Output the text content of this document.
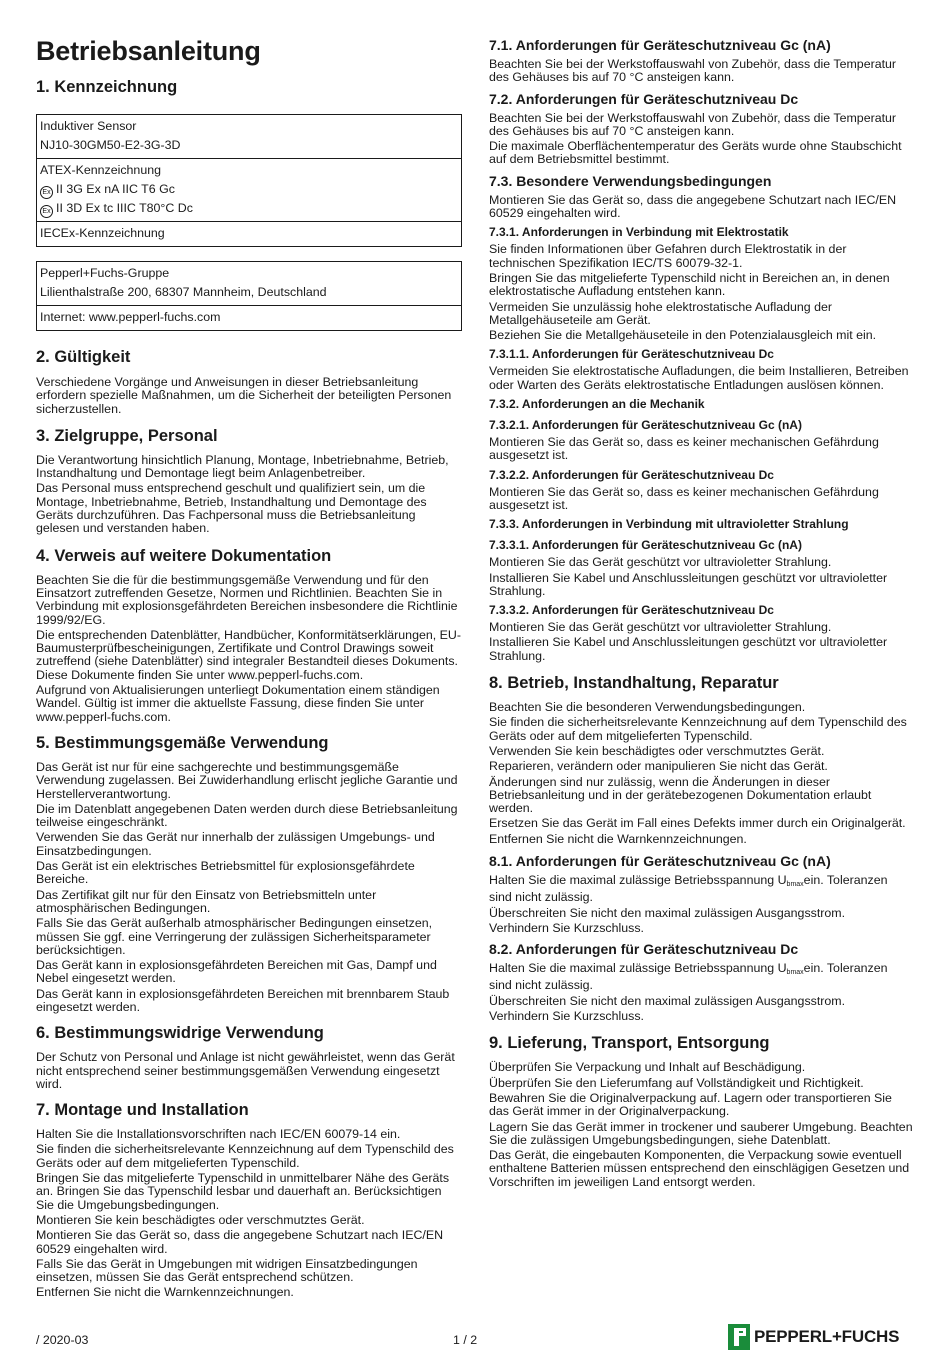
Betriebsanleitung
1. Kennzeichnung
Induktiver Sensor
NJ10-30GM50-E2-3G-3D
ATEX-Kennzeichnung
Ex II 3G Ex nA IIC T6 Gc
Ex II 3D Ex tc IIIC T80°C Dc
IECEx-Kennzeichnung
Pepperl+Fuchs-Gruppe
Lilienthalstraße 200, 68307 Mannheim, Deutschland
Internet: www.pepperl-fuchs.com
2. Gültigkeit

Verschiedene Vorgänge und Anweisungen in dieser Betriebsanleitung erfordern spezielle Maßnahmen, um die Sicherheit der beteiligten Personen sicherzustellen.

3. Zielgruppe, Personal

Die Verantwortung hinsichtlich Planung, Montage, Inbetriebnahme, Betrieb, Instandhaltung und Demontage liegt beim Anlagenbetreiber.

Das Personal muss entsprechend geschult und qualifiziert sein, um die Montage, Inbetriebnahme, Betrieb, Instandhaltung und Demontage des Geräts durchzuführen. Das Fachpersonal muss die Betriebsanleitung gelesen und verstanden haben.

4. Verweis auf weitere Dokumentation

Beachten Sie die für die bestimmungsgemäße Verwendung und für den Einsatzort zutreffenden Gesetze, Normen und Richtlinien. Beachten Sie in Verbindung mit explosionsgefährdeten Bereichen insbesondere die Richtlinie 1999/92/EG.

Die entsprechenden Datenblätter, Handbücher, Konformitätserklärungen, EU-Baumusterprüfbescheinigungen, Zertifikate und Control Drawings soweit zutreffend (siehe Datenblätter) sind integraler Bestandteil dieses Dokuments. Diese Dokumente finden Sie unter www.pepperl-fuchs.com.

Aufgrund von Aktualisierungen unterliegt Dokumentation einem ständigen Wandel. Gültig ist immer die aktuellste Fassung, diese finden Sie unter www.pepperl-fuchs.com.

5. Bestimmungsgemäße Verwendung

Das Gerät ist nur für eine sachgerechte und bestimmungsgemäße Verwendung zugelassen. Bei Zuwiderhandlung erlischt jegliche Garantie und Herstellerverantwortung.

Die im Datenblatt angegebenen Daten werden durch diese Betriebsanleitung teilweise eingeschränkt.

Verwenden Sie das Gerät nur innerhalb der zulässigen Umgebungs- und Einsatzbedingungen.

Das Gerät ist ein elektrisches Betriebsmittel für explosionsgefährdete Bereiche.

Das Zertifikat gilt nur für den Einsatz von Betriebsmitteln unter atmosphärischen Bedingungen.

Falls Sie das Gerät außerhalb atmosphärischer Bedingungen einsetzen, müssen Sie ggf. eine Verringerung der zulässigen Sicherheitsparameter berücksichtigen.

Das Gerät kann in explosionsgefährdeten Bereichen mit Gas, Dampf und Nebel eingesetzt werden.

Das Gerät kann in explosionsgefährdeten Bereichen mit brennbarem Staub eingesetzt werden.

6. Bestimmungswidrige Verwendung

Der Schutz von Personal und Anlage ist nicht gewährleistet, wenn das Gerät nicht entsprechend seiner bestimmungsgemäßen Verwendung eingesetzt wird.

7. Montage und Installation

Halten Sie die Installationsvorschriften nach IEC/EN 60079-14 ein.

Sie finden die sicherheitsrelevante Kennzeichnung auf dem Typenschild des Geräts oder auf dem mitgelieferten Typenschild.

Bringen Sie das mitgelieferte Typenschild in unmittelbarer Nähe des Geräts an. Bringen Sie das Typenschild lesbar und dauerhaft an. Berücksichtigen Sie die Umgebungsbedingungen.

Montieren Sie kein beschädigtes oder verschmutztes Gerät.

Montieren Sie das Gerät so, dass die angegebene Schutzart nach IEC/EN 60529 eingehalten wird.

Falls Sie das Gerät in Umgebungen mit widrigen Einsatzbedingungen einsetzen, müssen Sie das Gerät entsprechend schützen.

Entfernen Sie nicht die Warnkennzeichnungen.

7.1. Anforderungen für Geräteschutzniveau Gc (nA)

Beachten Sie bei der Werkstoffauswahl von Zubehör, dass die Temperatur des Gehäuses bis auf 70 °C ansteigen kann.

7.2. Anforderungen für Geräteschutzniveau Dc

Beachten Sie bei der Werkstoffauswahl von Zubehör, dass die Temperatur des Gehäuses bis auf 70 °C ansteigen kann.

Die maximale Oberflächentemperatur des Geräts wurde ohne Staubschicht auf dem Betriebsmittel bestimmt.

7.3. Besondere Verwendungsbedingungen

Montieren Sie das Gerät so, dass die angegebene Schutzart nach IEC/EN 60529 eingehalten wird.

7.3.1. Anforderungen in Verbindung mit Elektrostatik

Sie finden Informationen über Gefahren durch Elektrostatik in der technischen Spezifikation IEC/TS 60079-32-1.

Bringen Sie das mitgelieferte Typenschild nicht in Bereichen an, in denen elektrostatische Aufladung entstehen kann.

Vermeiden Sie unzulässig hohe elektrostatische Aufladung der Metallgehäuseteile am Gerät.

Beziehen Sie die Metallgehäuseteile in den Potenzialausgleich mit ein.

7.3.1.1. Anforderungen für Geräteschutzniveau Dc

Vermeiden Sie elektrostatische Aufladungen, die beim Installieren, Betreiben oder Warten des Geräts elektrostatische Entladungen auslösen können.

7.3.2. Anforderungen an die Mechanik
7.3.2.1. Anforderungen für Geräteschutzniveau Gc (nA)

Montieren Sie das Gerät so, dass es keiner mechanischen Gefährdung ausgesetzt ist.

7.3.2.2. Anforderungen für Geräteschutzniveau Dc

Montieren Sie das Gerät so, dass es keiner mechanischen Gefährdung ausgesetzt ist.

7.3.3. Anforderungen in Verbindung mit ultravioletter Strahlung
7.3.3.1. Anforderungen für Geräteschutzniveau Gc (nA)

Montieren Sie das Gerät geschützt vor ultravioletter Strahlung.

Installieren Sie Kabel und Anschlussleitungen geschützt vor ultravioletter Strahlung.

7.3.3.2. Anforderungen für Geräteschutzniveau Dc

Montieren Sie das Gerät geschützt vor ultravioletter Strahlung.

Installieren Sie Kabel und Anschlussleitungen geschützt vor ultravioletter Strahlung.

8. Betrieb, Instandhaltung, Reparatur

Beachten Sie die besonderen Verwendungsbedingungen.

Sie finden die sicherheitsrelevante Kennzeichnung auf dem Typenschild des Geräts oder auf dem mitgelieferten Typenschild.

Verwenden Sie kein beschädigtes oder verschmutztes Gerät.

Reparieren, verändern oder manipulieren Sie nicht das Gerät.

Änderungen sind nur zulässig, wenn die Änderungen in dieser Betriebsanleitung und in der gerätebezogenen Dokumentation erlaubt werden.

Ersetzen Sie das Gerät im Fall eines Defekts immer durch ein Originalgerät.

Entfernen Sie nicht die Warnkennzeichnungen.

8.1. Anforderungen für Geräteschutzniveau Gc (nA)

Halten Sie die maximal zulässige Betriebsspannung $U_{bmax}ein$. Toleranzen sind nicht zulässig.

Überschreiten Sie nicht den maximal zulässigen Ausgangsstrom.

Verhindern Sie Kurzschluss.

8.2. Anforderungen für Geräteschutzniveau Dc

Halten Sie die maximal zulässige Betriebsspannung $U_{bmax}ein$. Toleranzen sind nicht zulässig.

Überschreiten Sie nicht den maximal zulässigen Ausgangsstrom.

Verhindern Sie Kurzschluss.

9. Lieferung, Transport, Entsorgung

Überprüfen Sie Verpackung und Inhalt auf Beschädigung.

Überprüfen Sie den Lieferumfang auf Vollständigkeit und Richtigkeit.

Bewahren Sie die Originalverpackung auf. Lagern oder transportieren Sie das Gerät immer in der Originalverpackung.

Lagern Sie das Gerät immer in trockener und sauberer Umgebung. Beachten Sie die zulässigen Umgebungsbedingungen, siehe Datenblatt.

Das Gerät, die eingebauten Komponenten, die Verpackung sowie eventuell enthaltene Batterien müssen entsprechend den einschlägigen Gesetzen und Vorschriften im jeweiligen Land entsorgt werden.

/ 2020-03	1 / 2	PEPPERL+FUCHS
